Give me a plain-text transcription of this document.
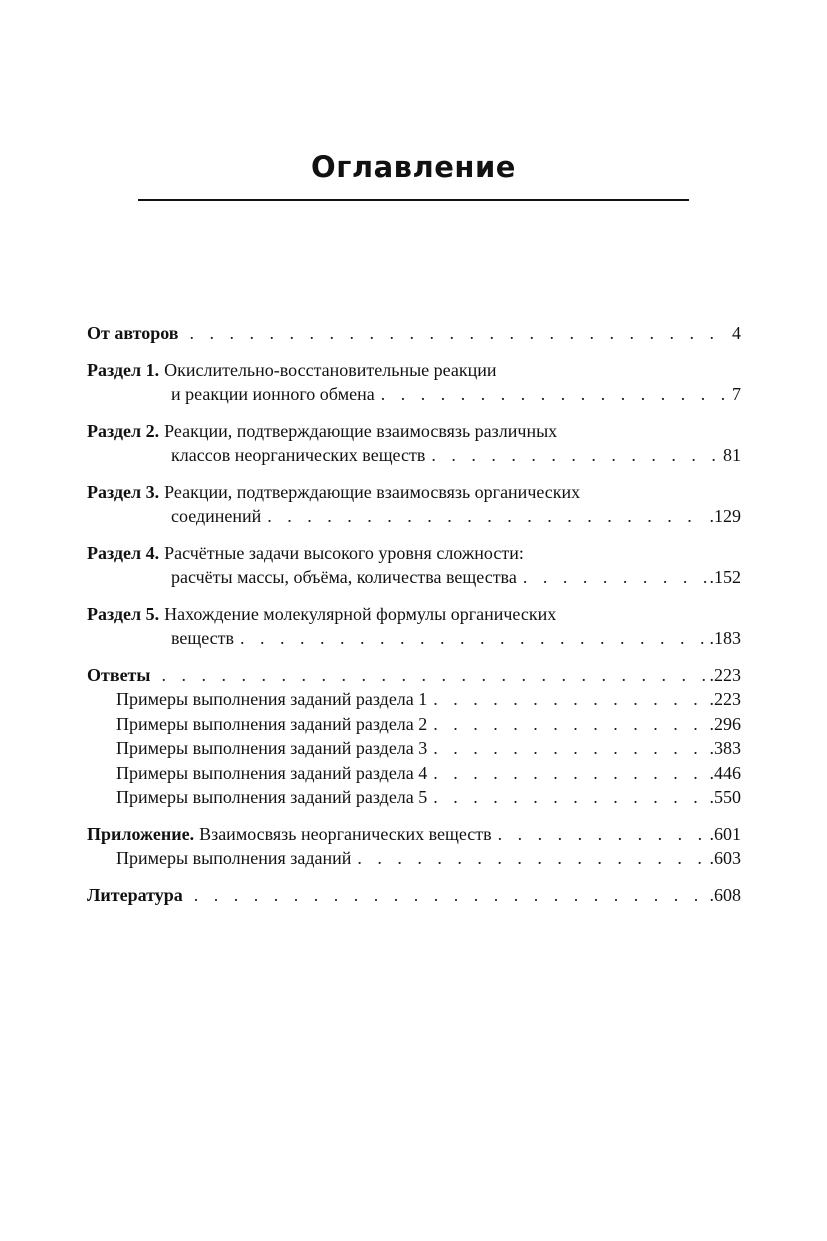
Оглавление
От авторов . . .	4
Раздел 1. Окислительно-восстановительные реакции
и реакции ионного обмена . . .	7
Раздел 2. Реакции, подтверждающие взаимосвязь различных
классов неорганических веществ . . .	81
Раздел 3. Реакции, подтверждающие взаимосвязь органических
соединений . . .	.129
Раздел 4. Расчётные задачи высокого уровня сложности:
расчёты массы, объёма, количества вещества . . .	.152
Раздел 5. Нахождение молекулярной формулы органических
веществ . . .	.183
Ответы . . .	.223
Примеры выполнения заданий раздела 1 . . .	.223
Примеры выполнения заданий раздела 2 . . .	.296
Примеры выполнения заданий раздела 3 . . .	.383
Примеры выполнения заданий раздела 4 . . .	.446
Примеры выполнения заданий раздела 5 . . .	.550
Приложение. Взаимосвязь неорганических веществ . . .	.601
Примеры выполнения заданий . . .	.603
Литература . . .	.608
